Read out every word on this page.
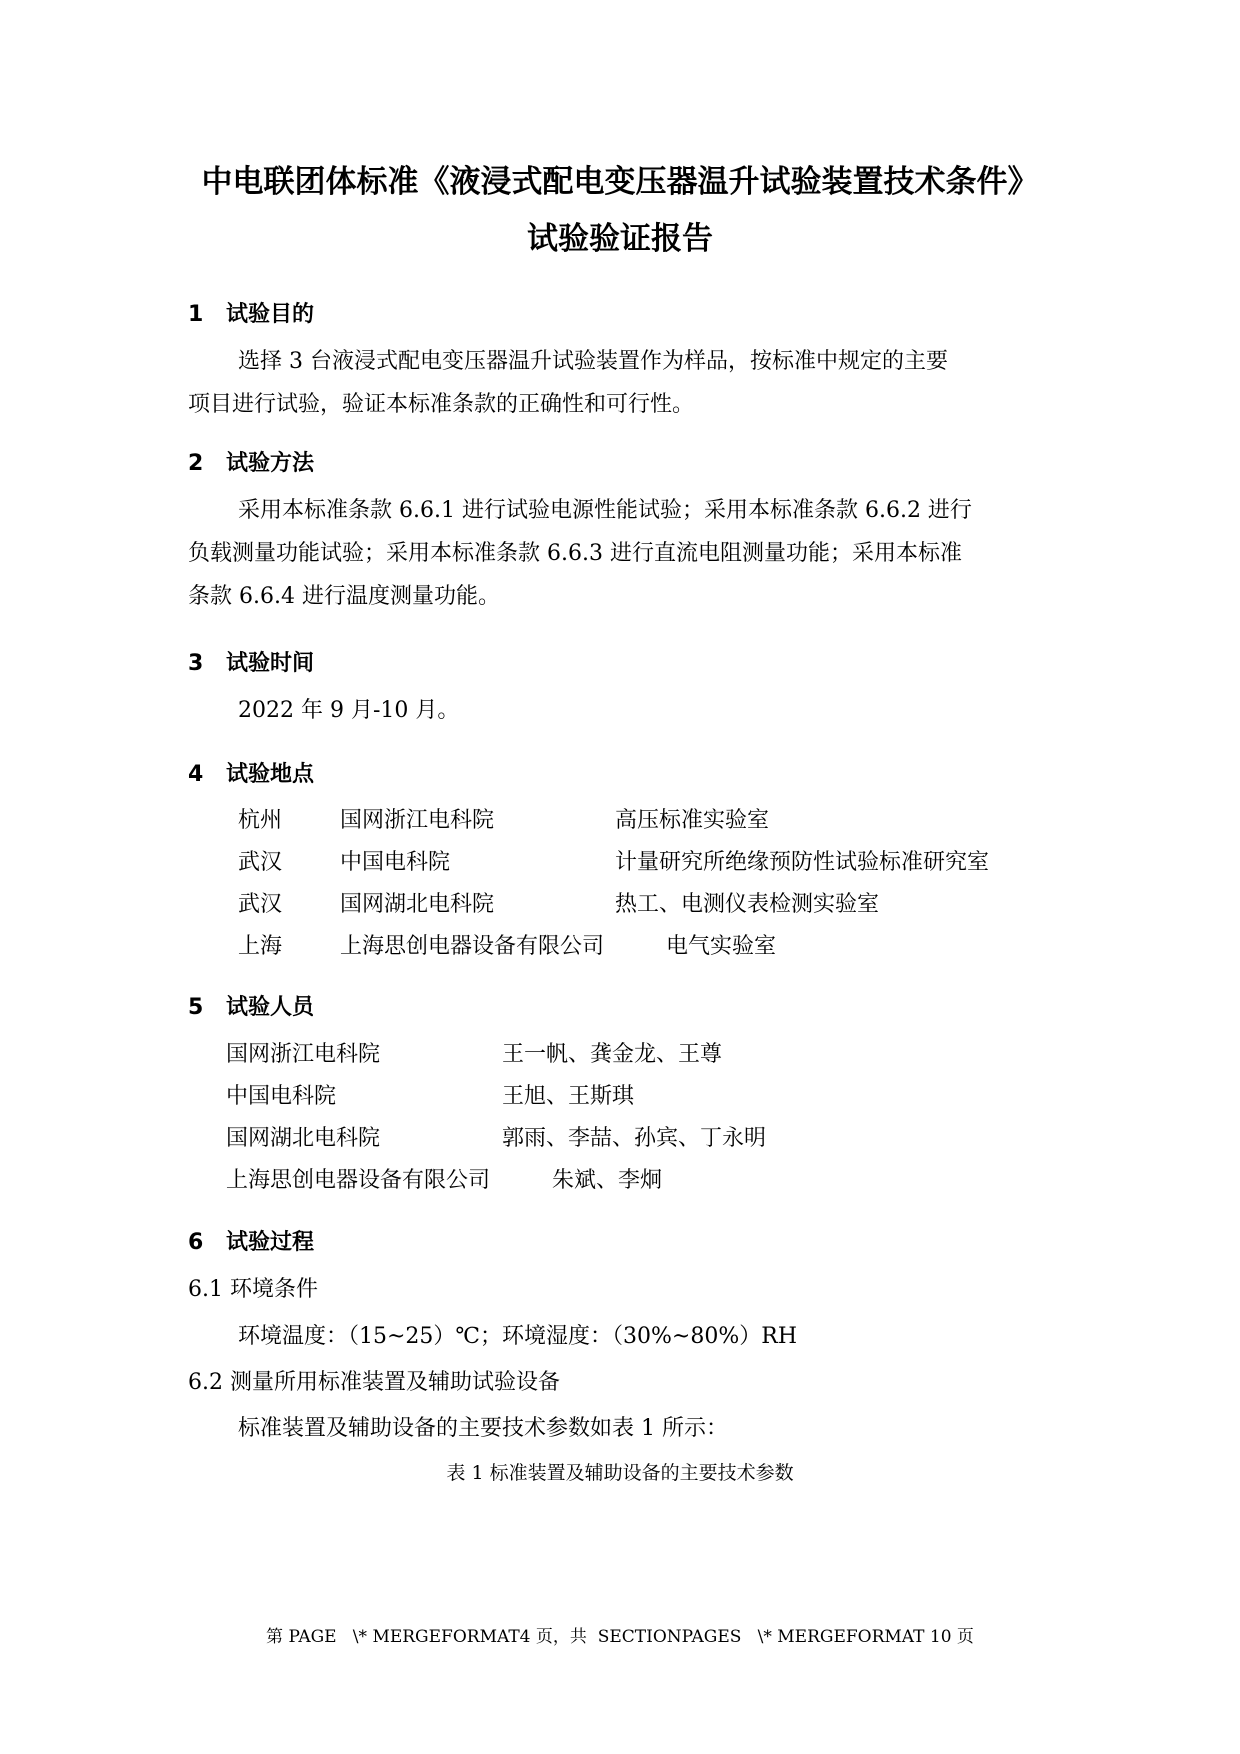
中电联团体标准《液浸式配电变压器温升试验装置技术条件》
试验验证报告
1 试验目的
选择 3 台液浸式配电变压器温升试验装置作为样品，按标准中规定的主要
项目进行试验，验证本标准条款的正确性和可行性。
2 试验方法
采用本标准条款 6.6.1 进行试验电源性能试验；采用本标准条款 6.6.2 进行
负载测量功能试验；采用本标准条款 6.6.3 进行直流电阻测量功能；采用本标准
条款 6.6.4 进行温度测量功能。
3 试验时间
2022 年 9 月-10 月。
4 试验地点
杭州	国网浙江电科院	高压标准实验室
武汉	中国电科院	计量研究所绝缘预防性试验标准研究室
武汉	国网湖北电科院	热工、电测仪表检测实验室
上海	上海思创电器设备有限公司	电气实验室
5 试验人员
国网浙江电科院	王一帆、龚金龙、王尊
中国电科院	王旭、王斯琪
国网湖北电科院	郭雨、李喆、孙宾、丁永明
上海思创电器设备有限公司	朱斌、李炯
6 试验过程
6.1 环境条件
环境温度：（15~25）℃；环境湿度：（30%~80%）RH
6.2 测量所用标准装置及辅助试验设备
标准装置及辅助设备的主要技术参数如表 1 所示：
表 1 标准装置及辅助设备的主要技术参数
第 PAGE   \* MERGEFORMAT4 页，共  SECTIONPAGES   \* MERGEFORMAT 10 页
